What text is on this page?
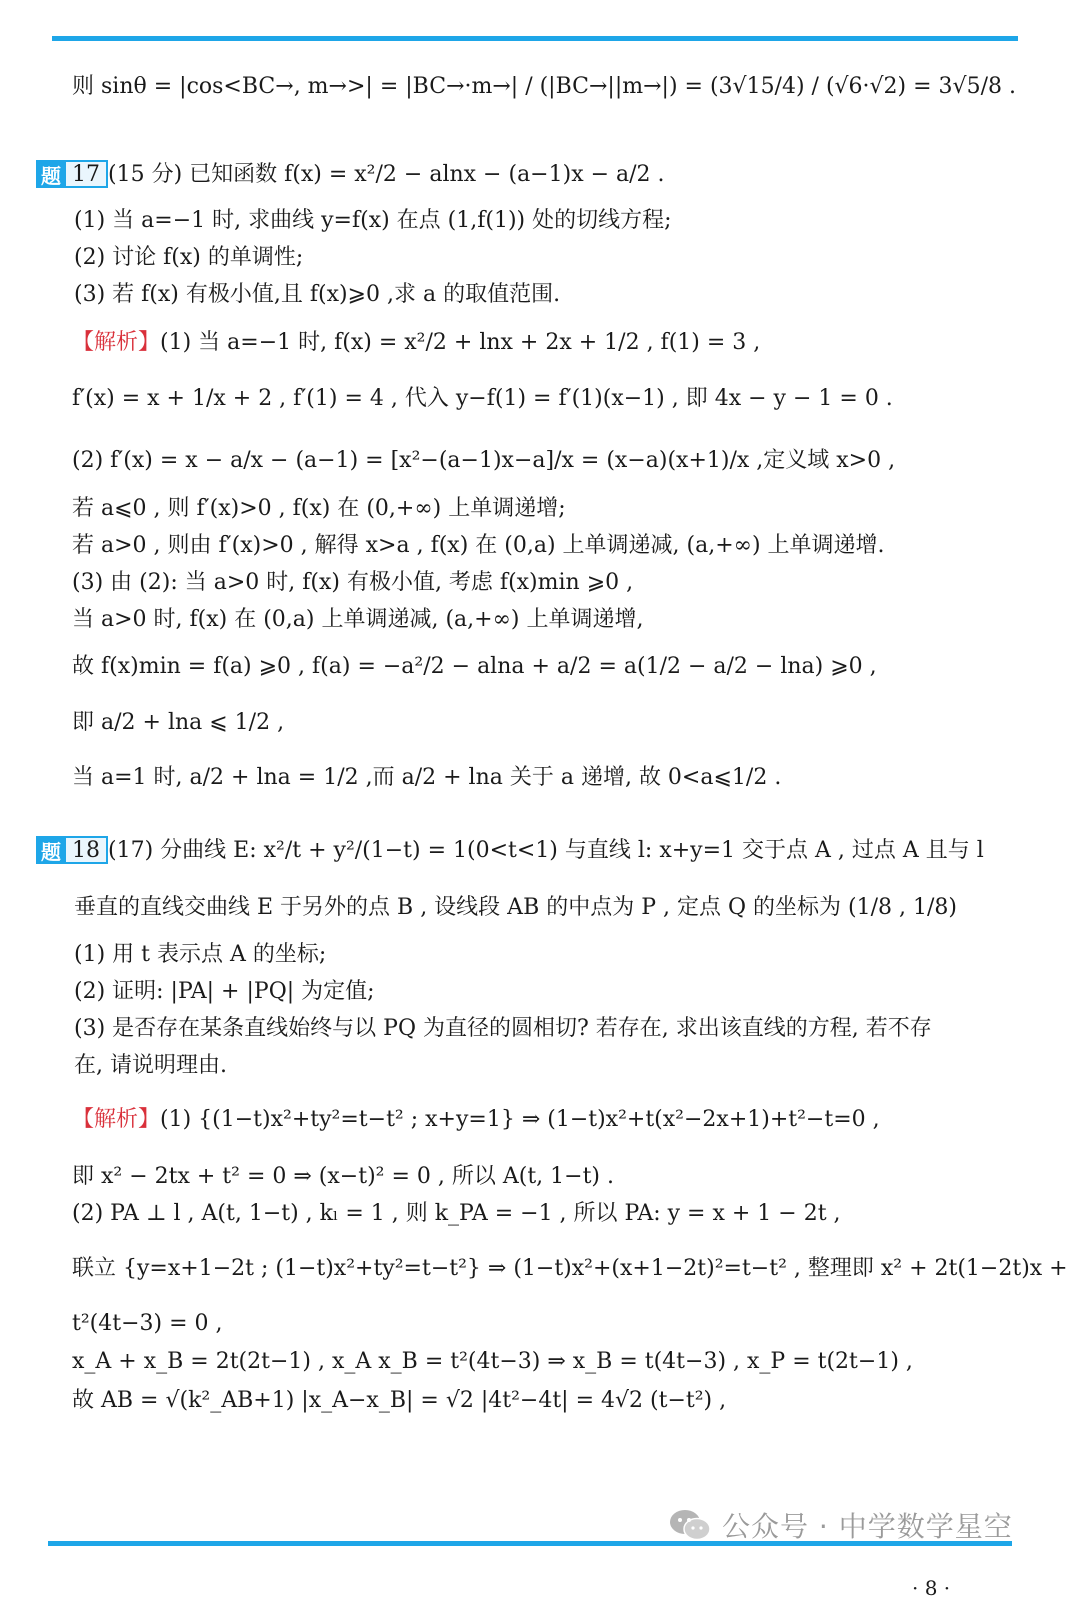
则 sinθ = |cos<BC→, m→>| = |BC→·m→| / (|BC→||m→|) = (3√15/4) / (√6·√2) = 3√5/8 .
题 17 (15 分) 已知函数 f(x) = x²/2 − alnx − (a−1)x − a/2 .
(1) 当 a=−1 时, 求曲线 y=f(x) 在点 (1,f(1)) 处的切线方程;
(2) 讨论 f(x) 的单调性;
(3) 若 f(x) 有极小值,且 f(x)⩾0 ,求 a 的取值范围.
【解析】(1) 当 a=−1 时, f(x) = x²/2 + lnx + 2x + 1/2 , f(1) = 3 ,
f′(x) = x + 1/x + 2 , f′(1) = 4 , 代入 y−f(1) = f′(1)(x−1) , 即 4x − y − 1 = 0 .
(2) f′(x) = x − a/x − (a−1) = [x²−(a−1)x−a]/x = (x−a)(x+1)/x ,定义域 x>0 ,
若 a⩽0 , 则 f′(x)>0 , f(x) 在 (0,+∞) 上单调递增;
若 a>0 , 则由 f′(x)>0 , 解得 x>a , f(x) 在 (0,a) 上单调递减, (a,+∞) 上单调递增.
(3) 由 (2): 当 a>0 时, f(x) 有极小值, 考虑 f(x)min ⩾0 ,
当 a>0 时, f(x) 在 (0,a) 上单调递减, (a,+∞) 上单调递增,
故 f(x)min = f(a) ⩾0 , f(a) = −a²/2 − alna + a/2 = a(1/2 − a/2 − lna) ⩾0 ,
即 a/2 + lna ⩽ 1/2 ,
当 a=1 时, a/2 + lna = 1/2 ,而 a/2 + lna 关于 a 递增, 故 0<a⩽1/2 .
题 18 (17) 分曲线 E: x²/t + y²/(1−t) = 1(0<t<1) 与直线 l: x+y=1 交于点 A , 过点 A 且与 l
垂直的直线交曲线 E 于另外的点 B , 设线段 AB 的中点为 P , 定点 Q 的坐标为 (1/8 , 1/8)
(1) 用 t 表示点 A 的坐标;
(2) 证明: |PA| + |PQ| 为定值;
(3) 是否存在某条直线始终与以 PQ 为直径的圆相切? 若存在, 求出该直线的方程, 若不存
在, 请说明理由.
【解析】(1) {(1−t)x²+ty²=t−t² ; x+y=1} ⇒ (1−t)x²+t(x²−2x+1)+t²−t=0 ,
即 x² − 2tx + t² = 0 ⇒ (x−t)² = 0 , 所以 A(t, 1−t) .
(2) PA ⊥ l , A(t, 1−t) , kₗ = 1 , 则 k_PA = −1 , 所以 PA: y = x + 1 − 2t ,
联立 {y=x+1−2t ; (1−t)x²+ty²=t−t²} ⇒ (1−t)x²+(x+1−2t)²=t−t² , 整理即 x² + 2t(1−2t)x +
t²(4t−3) = 0 ,
x_A + x_B = 2t(2t−1) , x_A x_B = t²(4t−3) ⇒ x_B = t(4t−3) , x_P = t(2t−1) ,
故 AB = √(k²_AB+1) |x_A−x_B| = √2 |4t²−4t| = 4√2 (t−t²) ,
公众号 · 中学数学星空
· 8 ·
